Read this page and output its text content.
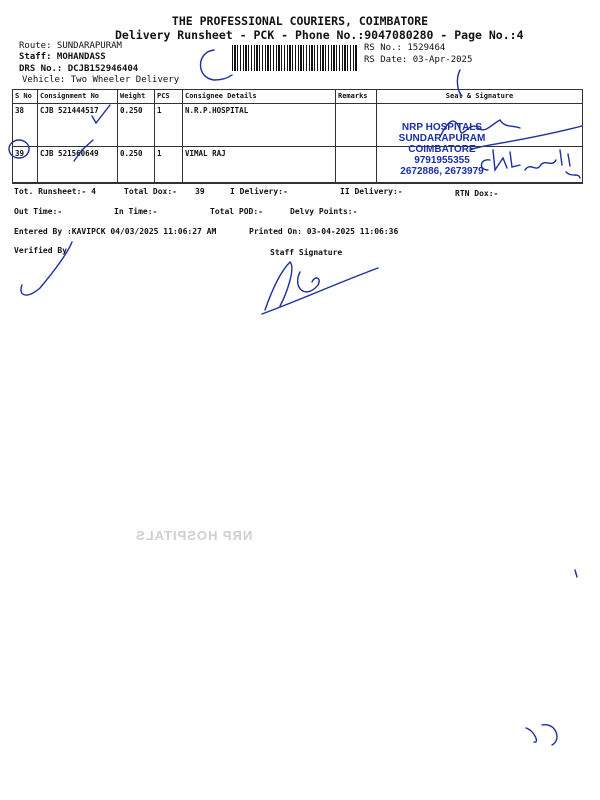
THE PROFESSIONAL COURIERS, COIMBATORE
Delivery Runsheet - PCK - Phone No.:9047080280 - Page No.:4
Route: SUNDARAPURAM
Staff: MOHANDASS
DRS No.: DCJB152946404
Vehicle: Two Wheeler Delivery
RS No.: 1529464
RS Date: 03-Apr-2025
S No	Consignment No	Weight	PCS	Consignee Details	Remarks	Seal & Signature
38	CJB 521444517	0.250	1	N.R.P.HOSPITAL		
39	CJB 521560649	0.250	1	VIMAL RAJ		
NRP HOSPITALS
SUNDARAPURAM
COIMBATORE
9791955355
2672886, 2673979
Tot. Runsheet:- 4	Total Dox:- 39	I Delivery:-	II Delivery:-	RTN Dox:-
Out Time:-	In Time:-	Total POD:-	Delvy Points:-
Entered By :KAVIPCK 04/03/2025 11:06:27 AM	Printed On: 03-04-2025 11:06:36
Verified By	Staff Signature
NRP HOSPITALS
